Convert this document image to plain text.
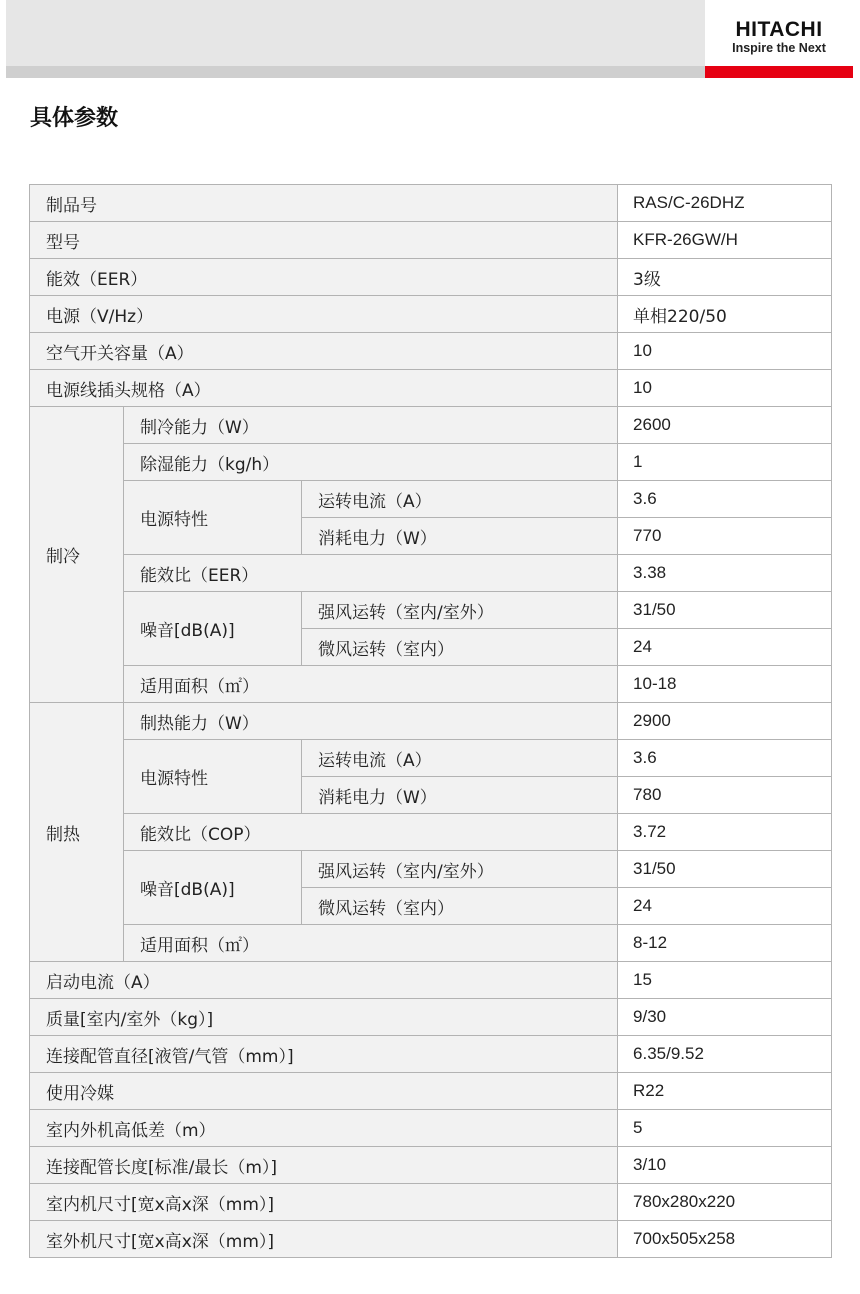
HITACHI
Inspire the Next
具体参数
制品号			RAS/C-26DHZ
型号			KFR-26GW/H
能效（EER）			3级
电源（V/Hz）			单相220/50
空气开关容量（A）			10
电源线插头规格（A）			10
制冷	制冷能力（W）		2600
	除湿能力（kg/h）		1
	电源特性	运转电流（A）	3.6
		消耗电力（W）	770
	能效比（EER）		3.38
	噪音[dB(A)]	强风运转（室内/室外）	31/50
		微风运转（室内）	24
	适用面积（㎡）		10-18
制热	制热能力（W）		2900
	电源特性	运转电流（A）	3.6
		消耗电力（W）	780
	能效比（COP）		3.72
	噪音[dB(A)]	强风运转（室内/室外）	31/50
		微风运转（室内）	24
	适用面积（㎡）		8-12
启动电流（A）			15
质量[室内/室外（kg）]			9/30
连接配管直径[液管/气管（mm）]			6.35/9.52
使用冷媒			R22
室内外机高低差（m）			5
连接配管长度[标准/最长（m）]			3/10
室内机尺寸[宽x高x深（mm）]			780x280x220
室外机尺寸[宽x高x深（mm）]			700x505x258
